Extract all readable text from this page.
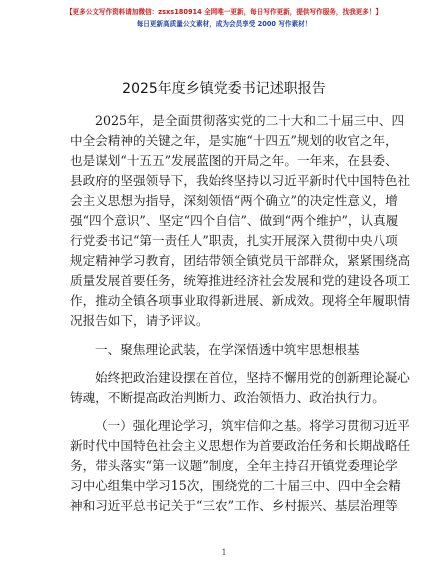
【更多公文写作资料请加微信：zsxs180914 全网唯一更新，每日写作更新，提供写作服务，找我更多！】
每日更新高质量公文素材，成为会员享受 2000 写作素材！
2025年度乡镇党委书记述职报告
2025年，是全面贯彻落实党的二十大和二十届三中、四
中全会精神的关键之年，是实施“十四五”规划的收官之年，
也是谋划“十五五”发展蓝图的开局之年。一年来，在县委、
县政府的坚强领导下，我始终坚持以习近平新时代中国特色社
会主义思想为指导，深刻领悟“两个确立”的决定性意义，增
强“四个意识”、坚定“四个自信”、做到“两个维护”，认真履
行党委书记“第一责任人”职责，扎实开展深入贯彻中央八项
规定精神学习教育，团结带领全镇党员干部群众，紧紧围绕高
质量发展首要任务，统筹推进经济社会发展和党的建设各项工
作，推动全镇各项事业取得新进展、新成效。现将全年履职情
况报告如下，请予评议。
一、聚焦理论武装，在学深悟透中筑牢思想根基
始终把政治建设摆在首位，坚持不懈用党的创新理论凝心
铸魂，不断提高政治判断力、政治领悟力、政治执行力。
（一）强化理论学习，筑牢信仰之基。将学习贯彻习近平
新时代中国特色社会主义思想作为首要政治任务和长期战略任
务，带头落实“第一议题”制度，全年主持召开镇党委理论学
习中心组集中学习15次，围绕党的二十届三中、四中全会精
神和习近平总书记关于“三农”工作、乡村振兴、基层治理等
1
